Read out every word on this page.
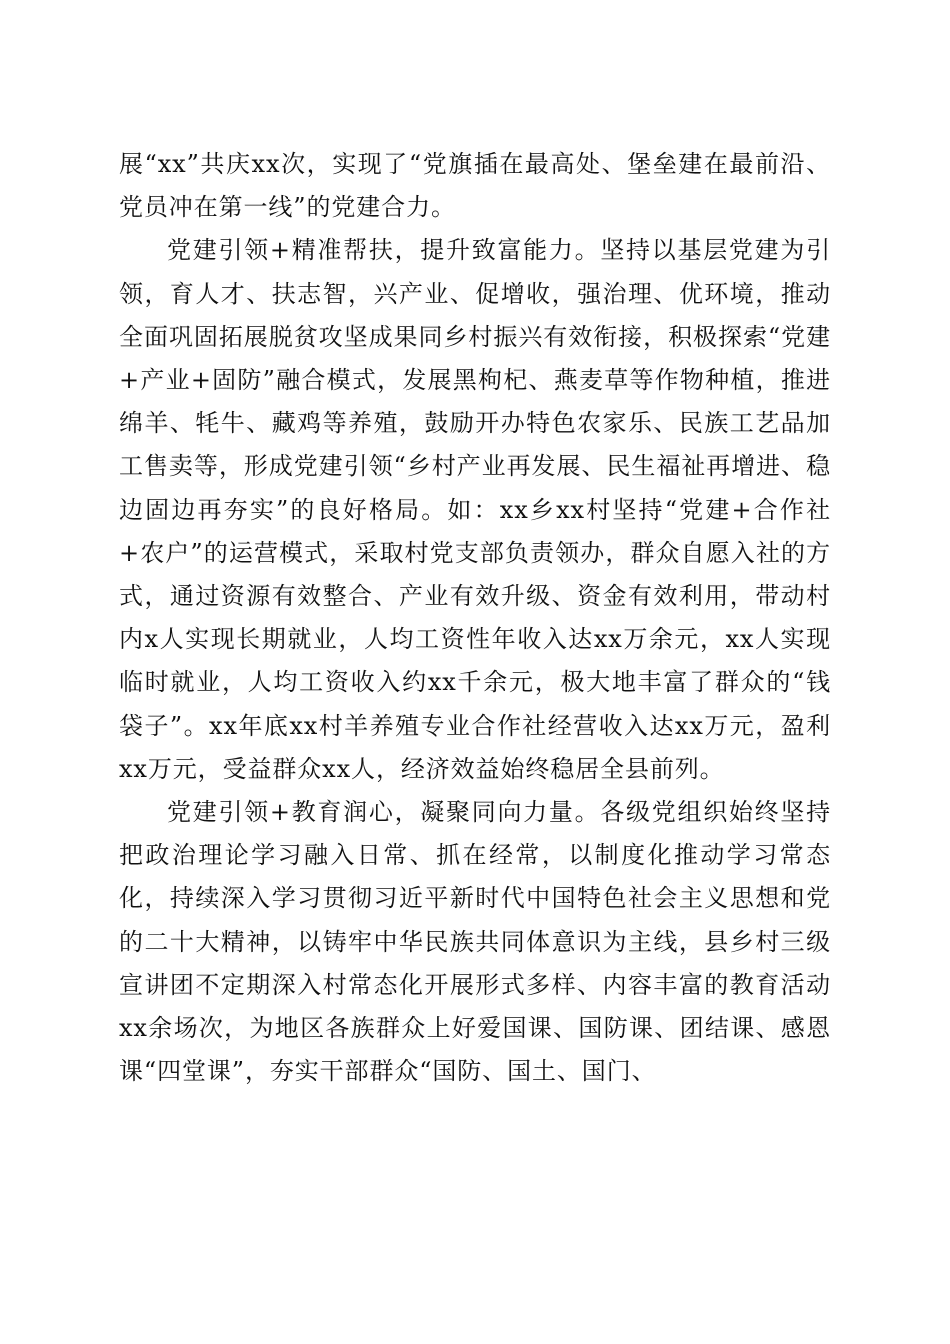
展“xx”共庆xx次，实现了“党旗插在最高处、堡垒建在最前沿、党员冲在第一线”的党建合力。

党建引领+精准帮扶，提升致富能力。坚持以基层党建为引领，育人才、扶志智，兴产业、促增收，强治理、优环境，推动全面巩固拓展脱贫攻坚成果同乡村振兴有效衔接，积极探索“党建+产业+固防”融合模式，发展黑枸杞、燕麦草等作物种植，推进绵羊、牦牛、藏鸡等养殖，鼓励开办特色农家乐、民族工艺品加工售卖等，形成党建引领“乡村产业再发展、民生福祉再增进、稳边固边再夯实”的良好格局。如：xx乡xx村坚持“党建+合作社+农户”的运营模式，采取村党支部负责领办，群众自愿入社的方式，通过资源有效整合、产业有效升级、资金有效利用，带动村内x人实现长期就业，人均工资性年收入达xx万余元，xx人实现临时就业，人均工资收入约xx千余元，极大地丰富了群众的“钱袋子”。xx年底xx村羊养殖专业合作社经营收入达xx万元，盈利xx万元，受益群众xx人，经济效益始终稳居全县前列。

党建引领+教育润心，凝聚同向力量。各级党组织始终坚持把政治理论学习融入日常、抓在经常，以制度化推动学习常态化，持续深入学习贯彻习近平新时代中国特色社会主义思想和党的二十大精神，以铸牢中华民族共同体意识为主线，县乡村三级宣讲团不定期深入村常态化开展形式多样、内容丰富的教育活动xx余场次，为地区各族群众上好爱国课、国防课、团结课、感恩课“四堂课”，夯实干部群众“国防、国土、国门、
